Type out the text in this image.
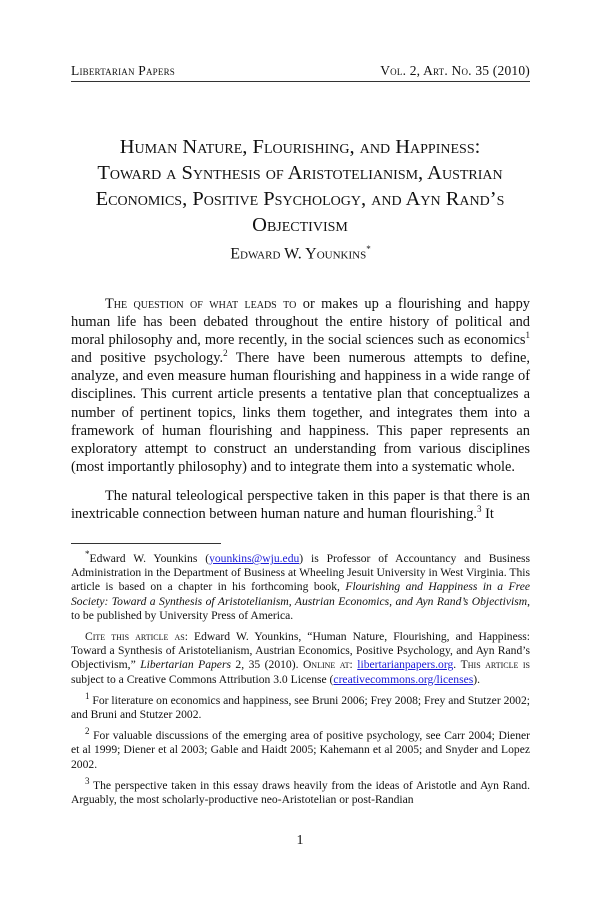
Libertarian Papers	Vol. 2, Art. No. 35 (2010)
Human Nature, Flourishing, and Happiness:
Toward a Synthesis of Aristotelianism, Austrian
Economics, Positive Psychology, and Ayn Rand’s
Objectivism
Edward W. Younkins*

The question of what leads to or makes up a flourishing and happy human life has been debated throughout the entire history of political and moral philosophy and, more recently, in the social sciences such as economics$^1$ and positive psychology.$^2$ There have been numerous attempts to define, analyze, and even measure human flourishing and happiness in a wide range of disciplines. This current article presents a tentative plan that conceptualizes a number of pertinent topics, links them together, and integrates them into a framework of human flourishing and happiness. This paper represents an exploratory attempt to construct an understanding from various disciplines (most importantly philosophy) and to integrate them into a systematic whole.

The natural teleological perspective taken in this paper is that there is an inextricable connection between human nature and human flourishing.$^3$ It

*Edward W. Younkins (younkins@wju.edu) is Professor of Accountancy and Business Administration in the Department of Business at Wheeling Jesuit University in West Virginia. This article is based on a chapter in his forthcoming book, Flourishing and Happiness in a Free Society: Toward a Synthesis of Aristotelianism, Austrian Economics, and Ayn Rand’s Objectivism, to be published by University Press of America.

Cite this article as: Edward W. Younkins, “Human Nature, Flourishing, and Happiness: Toward a Synthesis of Aristotelianism, Austrian Economics, Positive Psychology, and Ayn Rand’s Objectivism,” Libertarian Papers 2, 35 (2010). Online at: libertarianpapers.org. This article is subject to a Creative Commons Attribution 3.0 License (creativecommons.org/licenses).

$^1$ For literature on economics and happiness, see Bruni 2006; Frey 2008; Frey and Stutzer 2002; and Bruni and Stutzer 2002.

$^2$ For valuable discussions of the emerging area of positive psychology, see Carr 2004; Diener et al 1999; Diener et al 2003; Gable and Haidt 2005; Kahemann et al 2005; and Snyder and Lopez 2002.

$^3$ The perspective taken in this essay draws heavily from the ideas of Aristotle and Ayn Rand. Arguably, the most scholarly-productive neo-Aristotelian or post-Randian

1
